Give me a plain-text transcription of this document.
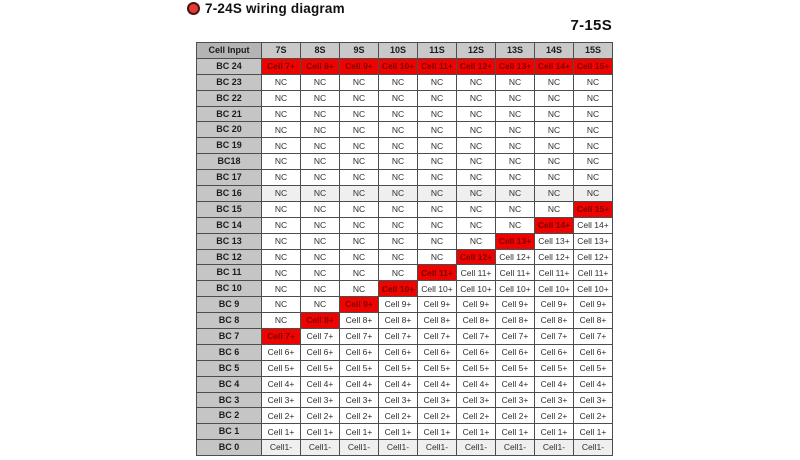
7-24S wiring diagram
7-15S
Cell Input	7S	8S	9S	10S	11S	12S	13S	14S	15S
BC 24	Cell 7+	Cell 8+	Cell 9+	Cell 10+	Cell 11+	Cell 12+	Cell 13+	Cell 14+	Cell 15+
BC 23	NC	NC	NC	NC	NC	NC	NC	NC	NC
BC 22	NC	NC	NC	NC	NC	NC	NC	NC	NC
BC 21	NC	NC	NC	NC	NC	NC	NC	NC	NC
BC 20	NC	NC	NC	NC	NC	NC	NC	NC	NC
BC 19	NC	NC	NC	NC	NC	NC	NC	NC	NC
BC18	NC	NC	NC	NC	NC	NC	NC	NC	NC
BC 17	NC	NC	NC	NC	NC	NC	NC	NC	NC
BC 16	NC	NC	NC	NC	NC	NC	NC	NC	NC
BC 15	NC	NC	NC	NC	NC	NC	NC	NC	Cell 15+
BC 14	NC	NC	NC	NC	NC	NC	NC	Cell 14+	Cell 14+
BC 13	NC	NC	NC	NC	NC	NC	Cell 13+	Cell 13+	Cell 13+
BC 12	NC	NC	NC	NC	NC	Cell 12+	Cell 12+	Cell 12+	Cell 12+
BC 11	NC	NC	NC	NC	Cell 11+	Cell 11+	Cell 11+	Cell 11+	Cell 11+
BC 10	NC	NC	NC	Cell 10+	Cell 10+	Cell 10+	Cell 10+	Cell 10+	Cell 10+
BC 9	NC	NC	Cell 9+	Cell 9+	Cell 9+	Cell 9+	Cell 9+	Cell 9+	Cell 9+
BC 8	NC	Cell 8+	Cell 8+	Cell 8+	Cell 8+	Cell 8+	Cell 8+	Cell 8+	Cell 8+
BC 7	Cell 7+	Cell 7+	Cell 7+	Cell 7+	Cell 7+	Cell 7+	Cell 7+	Cell 7+	Cell 7+
BC 6	Cell 6+	Cell 6+	Cell 6+	Cell 6+	Cell 6+	Cell 6+	Cell 6+	Cell 6+	Cell 6+
BC 5	Cell 5+	Cell 5+	Cell 5+	Cell 5+	Cell 5+	Cell 5+	Cell 5+	Cell 5+	Cell 5+
BC 4	Cell 4+	Cell 4+	Cell 4+	Cell 4+	Cell 4+	Cell 4+	Cell 4+	Cell 4+	Cell 4+
BC 3	Cell 3+	Cell 3+	Cell 3+	Cell 3+	Cell 3+	Cell 3+	Cell 3+	Cell 3+	Cell 3+
BC 2	Cell 2+	Cell 2+	Cell 2+	Cell 2+	Cell 2+	Cell 2+	Cell 2+	Cell 2+	Cell 2+
BC 1	Cell 1+	Cell 1+	Cell 1+	Cell 1+	Cell 1+	Cell 1+	Cell 1+	Cell 1+	Cell 1+
BC 0	Cell1-	Cell1-	Cell1-	Cell1-	Cell1-	Cell1-	Cell1-	Cell1-	Cell1-
